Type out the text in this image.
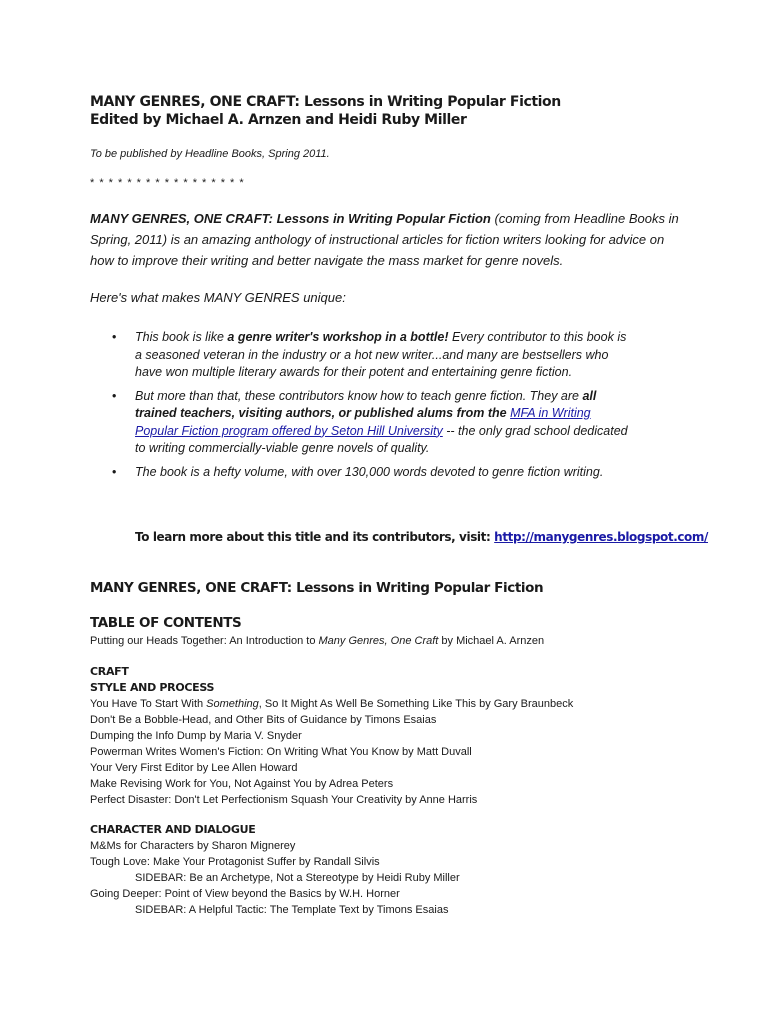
MANY GENRES, ONE CRAFT: Lessons in Writing Popular Fiction
Edited by Michael A. Arnzen and Heidi Ruby Miller
To be published by Headline Books, Spring 2011.
* * * * * * * * * * * * * * * * *
MANY GENRES, ONE CRAFT: Lessons in Writing Popular Fiction (coming from Headline Books in Spring, 2011) is an amazing anthology of instructional articles for fiction writers looking for advice on how to improve their writing and better navigate the mass market for genre novels.
Here's what makes MANY GENRES unique:
• This book is like a genre writer's workshop in a bottle! Every contributor to this book is a seasoned veteran in the industry or a hot new writer...and many are bestsellers who have won multiple literary awards for their potent and entertaining genre fiction.
• But more than that, these contributors know how to teach genre fiction. They are all trained teachers, visiting authors, or published alums from the MFA in Writing Popular Fiction program offered by Seton Hill University -- the only grad school dedicated to writing commercially-viable genre novels of quality.
• The book is a hefty volume, with over 130,000 words devoted to genre fiction writing.
To learn more about this title and its contributors, visit: http://manygenres.blogspot.com/
MANY GENRES, ONE CRAFT: Lessons in Writing Popular Fiction
TABLE OF CONTENTS
Putting our Heads Together: An Introduction to Many Genres, One Craft by Michael A. Arnzen
CRAFT
STYLE AND PROCESS
You Have To Start With Something, So It Might As Well Be Something Like This by Gary Braunbeck
Don't Be a Bobble-Head, and Other Bits of Guidance by Timons Esaias
Dumping the Info Dump by Maria V. Snyder
Powerman Writes Women's Fiction: On Writing What You Know by Matt Duvall
Your Very First Editor by Lee Allen Howard
Make Revising Work for You, Not Against You by Adrea Peters
Perfect Disaster: Don't Let Perfectionism Squash Your Creativity by Anne Harris
CHARACTER AND DIALOGUE
M&Ms for Characters by Sharon Mignerey
Tough Love: Make Your Protagonist Suffer by Randall Silvis
SIDEBAR: Be an Archetype, Not a Stereotype by Heidi Ruby Miller
Going Deeper: Point of View beyond the Basics by W.H. Horner
SIDEBAR: A Helpful Tactic: The Template Text by Timons Esaias
